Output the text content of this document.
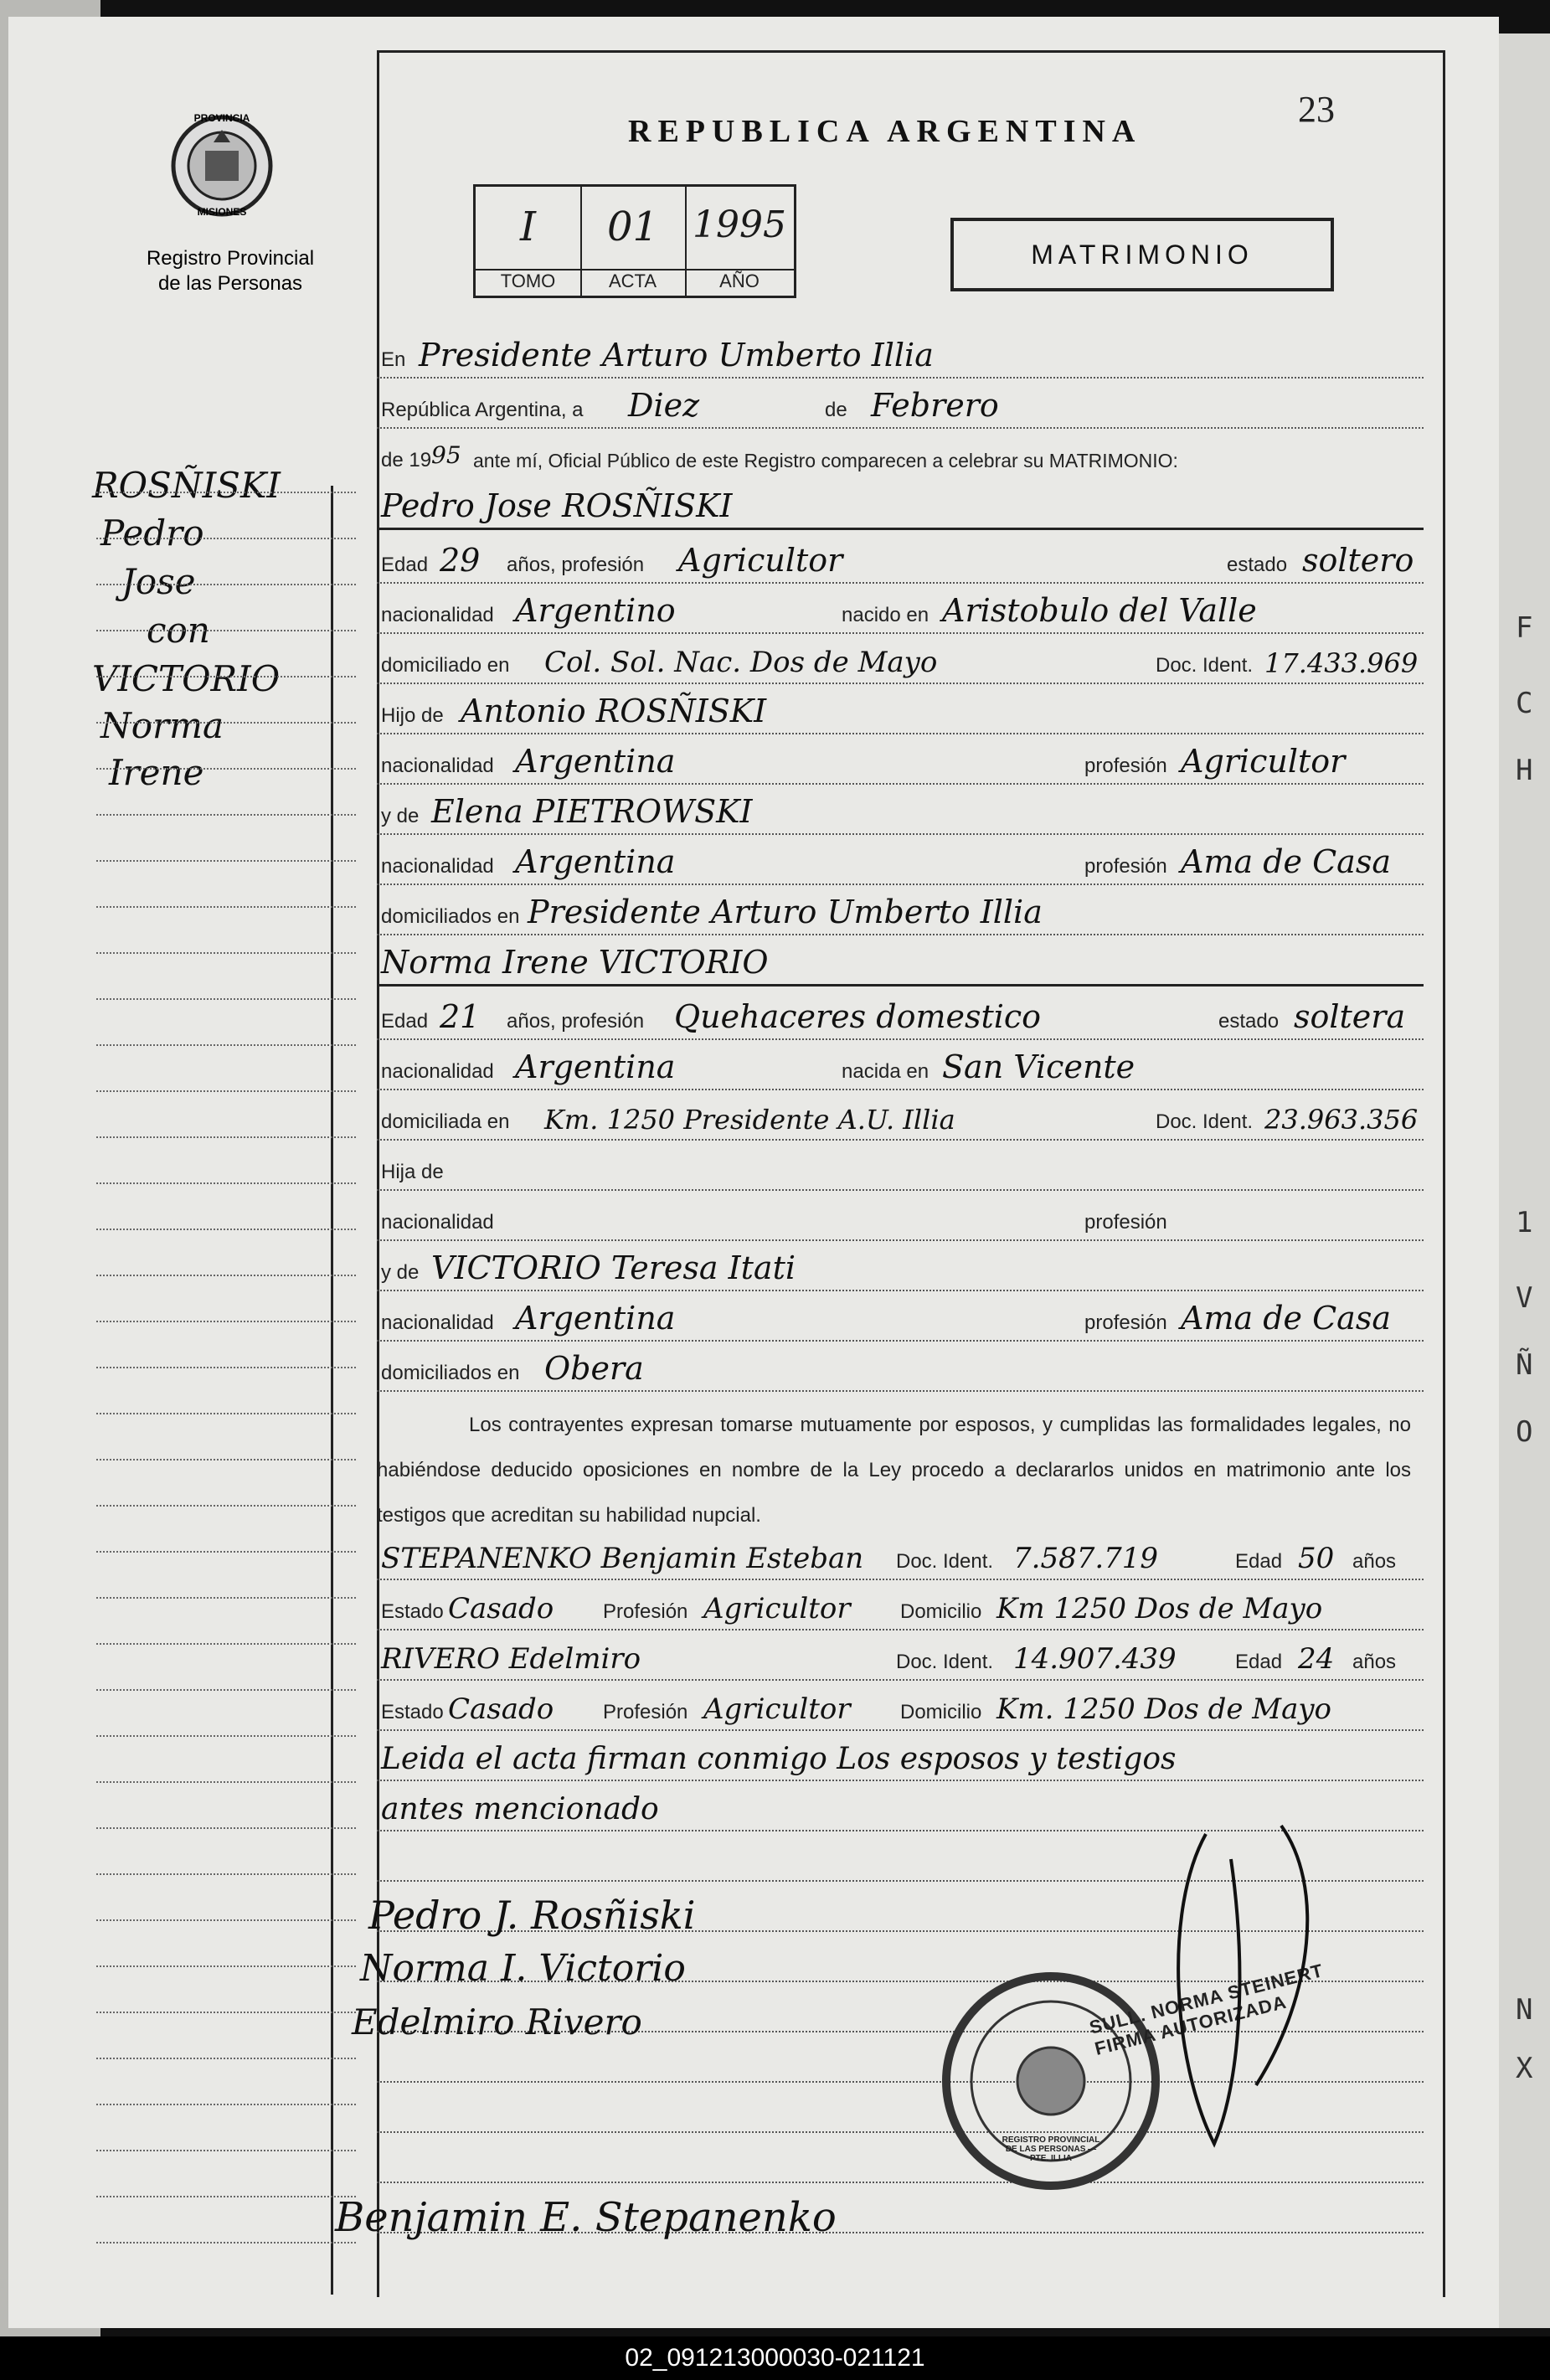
F
C
H
1
V
Ñ
O
N
X
PROVINCIA
MISIONES
Registro Provincial
de las Personas
REPUBLICA ARGENTINA
23
I
TOMO
01
ACTA
1995
AÑO
MATRIMONIO
ROSÑISKI
Pedro
Jose
con
VICTORIO
Norma
Irene
En Presidente Arturo Umberto Illia
República Argentina, a Diez	de Febrero
de 19 95 ante mí, Oficial Público de este Registro comparecen a celebrar su MATRIMONIO:
Pedro Jose ROSÑISKI
Edad 29 años, profesión Agricultor	estado soltero
nacionalidad Argentino	nacido en Aristobulo del Valle
domiciliado en Col. Sol. Nac. Dos de Mayo	Doc. Ident. 17.433.969
Hijo de Antonio ROSÑISKI
nacionalidad Argentina	profesión Agricultor
y de Elena PIETROWSKI
nacionalidad Argentina	profesión Ama de Casa
domiciliados en Presidente Arturo Umberto Illia
Norma Irene VICTORIO
Edad 21 años, profesión Quehaceres domestico	estado soltera
nacionalidad Argentina	nacida en San Vicente
domiciliada en Km. 1250 Presidente A.U. Illia	Doc. Ident. 23.963.356
Hija de
nacionalidad	profesión
y de VICTORIO Teresa Itati
nacionalidad Argentina	profesión Ama de Casa
domiciliados en Obera
Los contrayentes expresan tomarse mutuamente por esposos, y cumplidas las formalidades legales, no habiéndose deducido oposiciones en nombre de la Ley procedo a declararlos unidos en matrimonio ante los testigos que acreditan su habilidad nupcial.
STEPANENKO Benjamin Esteban Doc. Ident. 7.587.719	Edad 50 años
Estado Casado Profesión Agricultor Domicilio Km 1250 Dos de Mayo
RIVERO Edelmiro	Doc. Ident. 14.907.439	Edad 24 años
Estado Casado Profesión Agricultor Domicilio Km. 1250 Dos de Mayo
Leida el acta firman conmigo Los esposos y testigos
antes mencionado
Pedro J. Rosñiski
Norma I. Victorio
Edelmiro Rivero
Benjamin E. Stepanenko
REGISTRO PROVINCIAL DE LAS PERSONAS — PTE. ILLIA
SULL. NORMA STEINERT FIRMA AUTORIZADA
02_091213000030-021121
